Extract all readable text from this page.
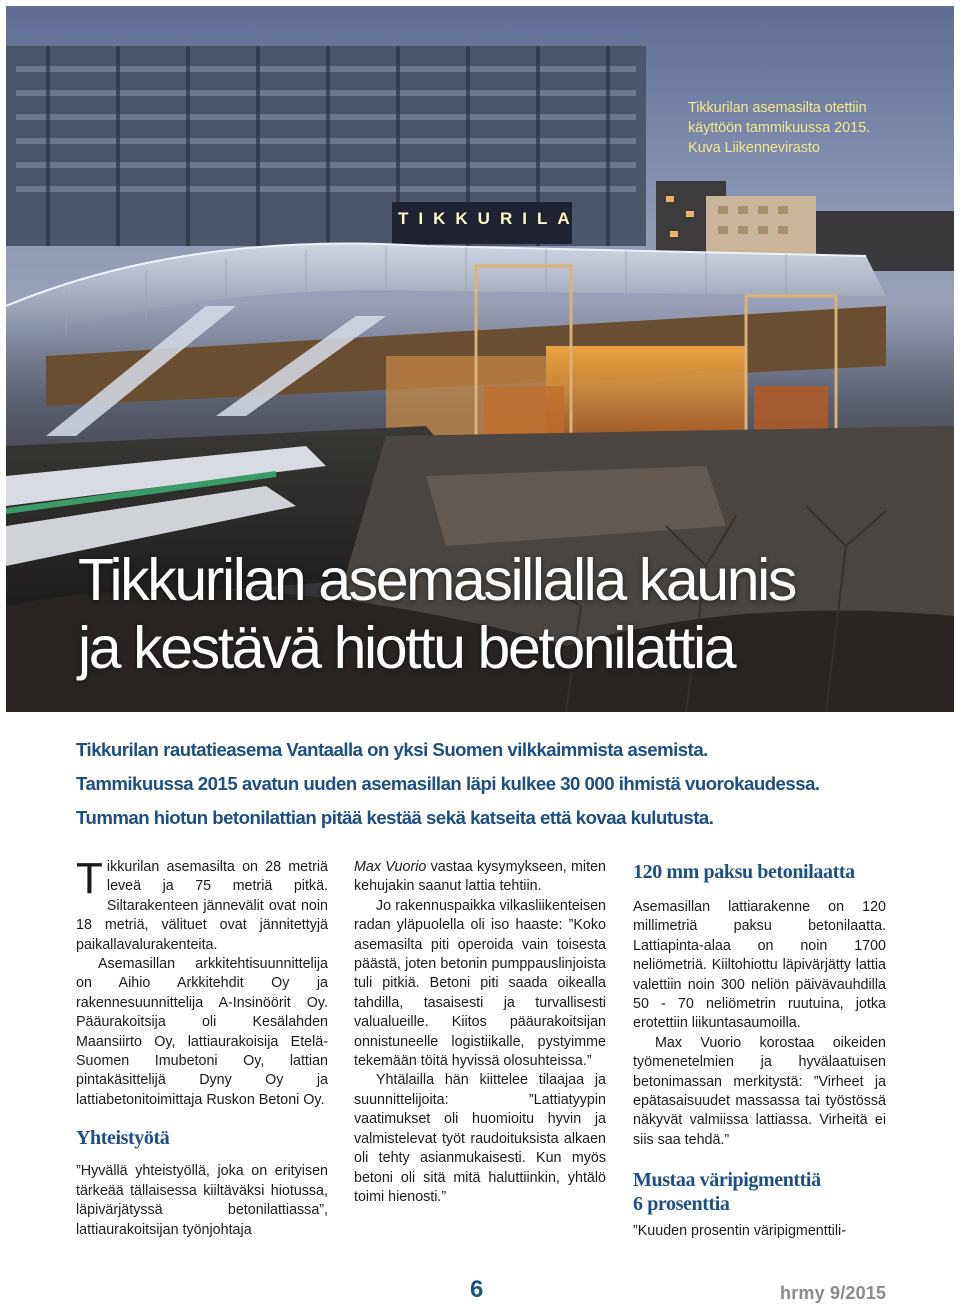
TIKKURILA
Tikkurilan asemasilta otettiin
käyttöön tammikuussa 2015.
Kuva Liikennevirasto
Tikkurilan asemasillalla kaunis
ja kestävä hiottu betonilattia
Tikkurilan rautatieasema Vantaalla on yksi Suomen vilkkaimmista asemista.
Tammikuussa 2015 avatun uuden asemasillan läpi kulkee 30 000 ihmistä vuorokaudessa.
Tumman hiotun betonilattian pitää kestää sekä katseita että kovaa kulutusta.

Tikkurilan asemasilta on 28 metriä leveä ja 75 metriä pitkä. Siltarakenteen jännevälit ovat noin 18 metriä, välituet ovat jännitettyjä paikallavalurakenteita.

Asemasillan arkkitehtisuunnittelija on Aihio Arkkitehdit Oy ja rakennesuunnittelija A-Insinöörit Oy. Pääurakoitsija oli Kesälahden Maansiirto Oy, lattiaurakoisija Etelä-Suomen Imubetoni Oy, lattian pintakäsittelijä Dyny Oy ja lattiabetonitoimittaja Ruskon Betoni Oy.

Yhteistyötä

”Hyvällä yhteistyöllä, joka on erityisen tärkeää tällaisessa kiiltäväksi hiotussa, läpivärjätyssä betonilattiassa”, lattiaurakoitsijan työnjohtaja

Max Vuorio vastaa kysymykseen, miten kehujakin saanut lattia tehtiin.

Jo rakennuspaikka vilkasliikenteisen radan yläpuolella oli iso haaste: ”Koko asemasilta piti operoida vain toisesta päästä, joten betonin pumppauslinjoista tuli pitkiä. Betoni piti saada oikealla tahdilla, tasaisesti ja turvallisesti valualueille. Kiitos pääurakoitsijan onnistuneelle logistiikalle, pystyimme tekemään töitä hyvissä olosuhteissa.”

Yhtälailla hän kiittelee tilaajaa ja suunnittelijoita: ”Lattiatyypin vaatimukset oli huomioitu hyvin ja valmistelevat työt raudoituksista alkaen oli tehty asianmukaisesti. Kun myös betoni oli sitä mitä haluttiinkin, yhtälö toimi hienosti.”

120 mm paksu betonilaatta

Asemasillan lattiarakenne on 120 millimetriä paksu betonilaatta. Lattiapinta-alaa on noin 1700 neliömetriä. Kiiltohiottu läpivärjätty lattia valettiin noin 300 neliön päivävauhdilla 50 - 70 neliömetrin ruutuina, jotka erotettiin liikuntasaumoilla.

Max Vuorio korostaa oikeiden työmenetelmien ja hyvälaatuisen betonimassan merkitystä: ”Virheet ja epätasaisuudet massassa tai työstössä näkyvät valmiissa lattiassa. Virheitä ei siis saa tehdä.”

Mustaa väripigmenttiä
6 prosenttia

”Kuuden prosentin väripigmenttili-

6	hrmy 9/2015
